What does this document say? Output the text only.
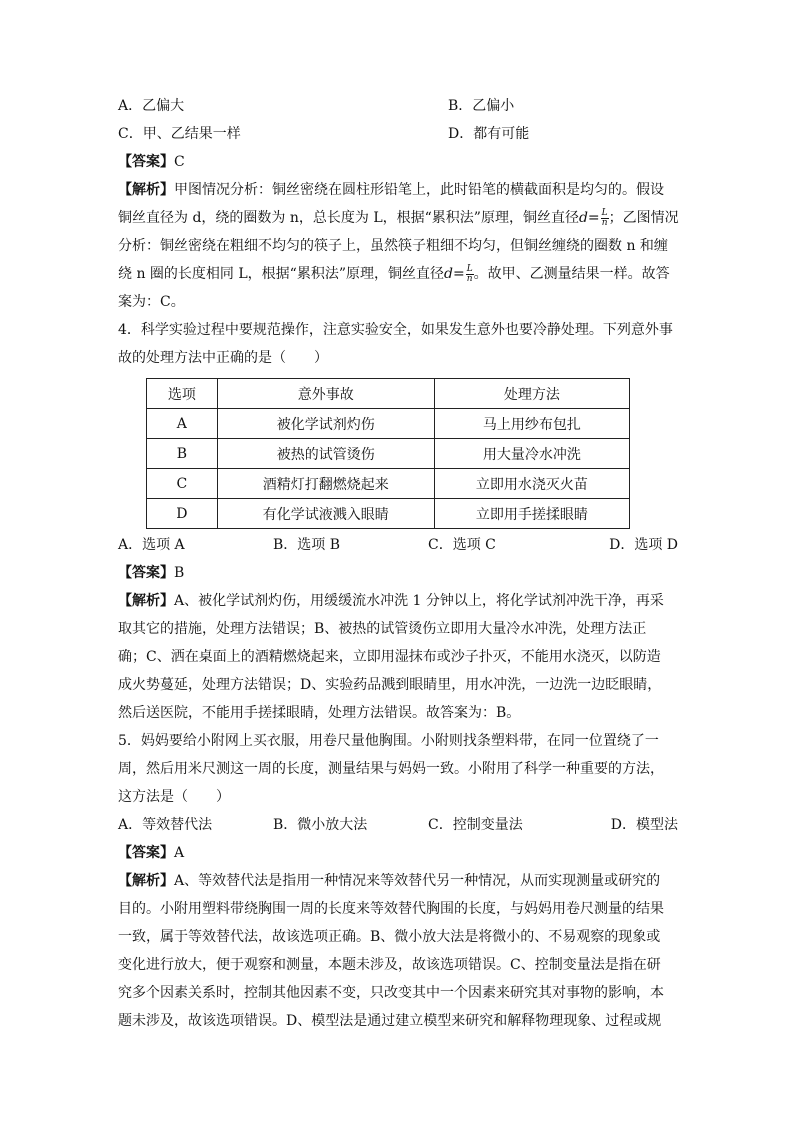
A．乙偏大	B．乙偏小
C．甲、乙结果一样	D．都有可能
【答案】C
【解析】甲图情况分析：铜丝密绕在圆柱形铅笔上，此时铅笔的横截面积是均匀的。假设
铜丝直径为 d，绕的圈数为 n，总长度为 L，根据“累积法”原理，铜丝直径$d= \frac{L}{n}$ ；乙图情况
分析：铜丝密绕在粗细不均匀的筷子上，虽然筷子粗细不均匀，但铜丝缠绕的圈数 n 和缠
绕 n 圈的长度相同 L，根据“累积法”原理，铜丝直径$d= \frac{L}{n}$ 。故甲、乙测量结果一样。故答
案为：C。
4．科学实验过程中要规范操作，注意实验安全，如果发生意外也要冷静处理。下列意外事
故的处理方法中正确的是（　　）
选项	意外事故	处理方法
A	被化学试剂灼伤	马上用纱布包扎
B	被热的试管烫伤	用大量冷水冲洗
C	酒精灯打翻燃烧起来	立即用水浇灭火苗
D	有化学试液溅入眼睛	立即用手搓揉眼睛
A．选项 A	B．选项 B	C．选项 C	D．选项 D
【答案】B
【解析】A、被化学试剂灼伤，用缓缓流水冲洗 1 分钟以上，将化学试剂冲洗干净，再采
取其它的措施，处理方法错误；B、被热的试管烫伤立即用大量冷水冲洗，处理方法正
确；C、洒在桌面上的酒精燃烧起来，立即用湿抹布或沙子扑灭，不能用水浇灭，以防造
成火势蔓延，处理方法错误；D、实验药品溅到眼睛里，用水冲洗，一边洗一边眨眼睛，
然后送医院，不能用手搓揉眼睛，处理方法错误。故答案为：B。
5．妈妈要给小附网上买衣服，用卷尺量他胸围。小附则找条塑料带，在同一位置绕了一
周，然后用米尺测这一周的长度，测量结果与妈妈一致。小附用了科学一种重要的方法，
这方法是（　　）
A．等效替代法	B．微小放大法	C．控制变量法	D．模型法
【答案】A
【解析】A、等效替代法是指用一种情况来等效替代另一种情况，从而实现测量或研究的
目的。小附用塑料带绕胸围一周的长度来等效替代胸围的长度，与妈妈用卷尺测量的结果
一致，属于等效替代法，故该选项正确。B、微小放大法是将微小的、不易观察的现象或
变化进行放大，便于观察和测量，本题未涉及，故该选项错误。C、控制变量法是指在研
究多个因素关系时，控制其他因素不变，只改变其中一个因素来研究其对事物的影响，本
题未涉及，故该选项错误。D、模型法是通过建立模型来研究和解释物理现象、过程或规
